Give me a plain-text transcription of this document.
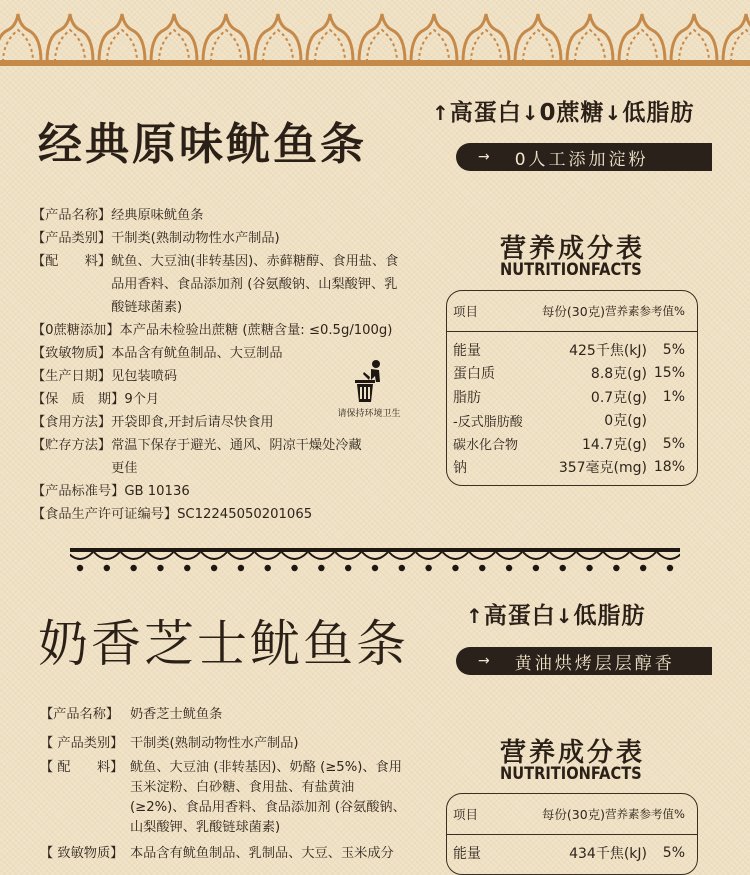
经典原味鱿鱼条
↑高蛋白↓0蔗糖↓低脂肪
→ 0人工添加淀粉
【产品名称】 经典原味鱿鱼条
【产品类别】 干制类(熟制动物性水产制品)
【配　　料】 鱿鱼、大豆油(非转基因)、赤藓糖醇、食用盐、食品用香料、食品添加剂 (谷氨酸钠、山梨酸钾、乳酸链球菌素)
【0蔗糖添加】 本产品未检验出蔗糖 (蔗糖含量: ≤0.5g/100g)
【致敏物质】 本品含有鱿鱼制品、大豆制品
【生产日期】 见包装喷码
【保　质　期】 9个月
【食用方法】 开袋即食,开封后请尽快食用
【贮存方法】 常温下保存于避光、通风、阴凉干燥处冷藏更佳
【产品标准号】 GB 10136
【食品生产许可证编号】 SC12245050201065
请保持环境卫生
营养成分表
NUTRITIONFACTS
项目	每份(30克) 营养素参考值%
能量	425千焦(kJ)	5%
蛋白质	8.8克(g) 15%
脂肪	0.7克(g)	1%
-反式脂肪酸	0克(g)
碳水化合物	14.7克(g)	5%
钠	357毫克(mg) 18%
奶香芝士鱿鱼条	↑高蛋白↓低脂肪
→ 黄油烘烤层层醇香
【产品名称】 奶香芝士鱿鱼条
【 产品类别】 干制类(熟制动物性水产制品)
【 配　　料】 鱿鱼、大豆油 (非转基因)、奶酪 (≥5%)、食用玉米淀粉、白砂糖、食用盐、有盐黄油 (≥2%)、食品用香料、食品添加剂 (谷氨酸钠、山梨酸钾、乳酸链球菌素)
【 致敏物质】 本品含有鱿鱼制品、乳制品、大豆、玉米成分
营养成分表
NUTRITIONFACTS
项目	每份(30克) 营养素参考值%
能量	434千焦(kJ)	5%
